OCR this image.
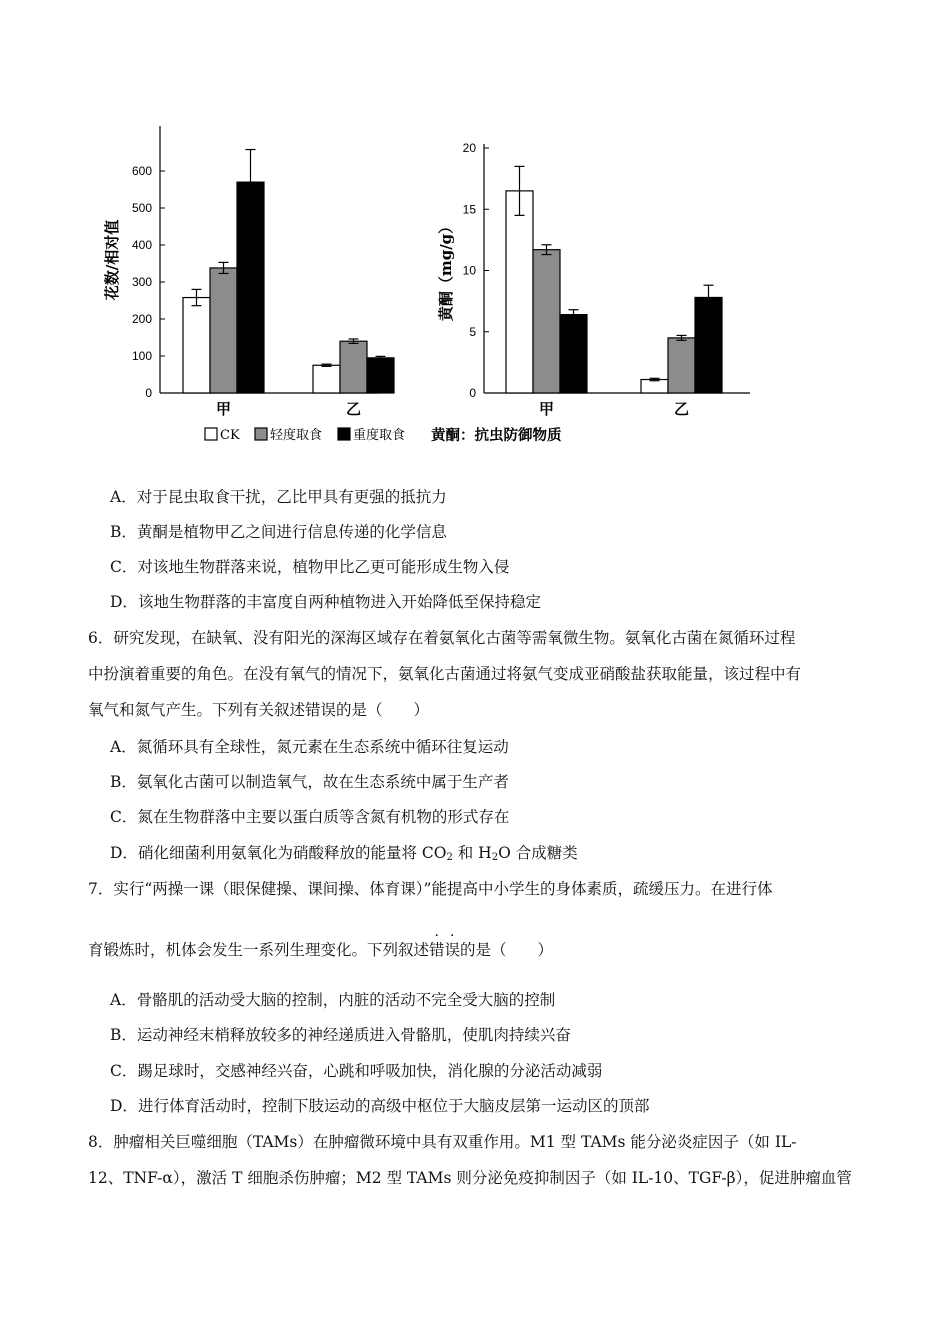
0
100
200
300
400
500
600
花数/相对值
甲	乙
0
5
10
15
20
黄酮（mg/g）
甲	乙
CK 轻度取食 重度取食 黄酮：抗虫防御物质
A．对于昆虫取食干扰，乙比甲具有更强的抵抗力
B．黄酮是植物甲乙之间进行信息传递的化学信息
C．对该地生物群落来说，植物甲比乙更可能形成生物入侵
D．该地生物群落的丰富度自两种植物进入开始降低至保持稳定
6．研究发现，在缺氧、没有阳光的深海区域存在着氨氧化古菌等需氧微生物。氨氧化古菌在氮循环过程
中扮演着重要的角色。在没有氧气的情况下，氨氧化古菌通过将氨气变成亚硝酸盐获取能量，该过程中有
氧气和氮气产生。下列有关叙述错误的是（　　）
A．氮循环具有全球性，氮元素在生态系统中循环往复运动
B．氨氧化古菌可以制造氧气，故在生态系统中属于生产者
C．氮在生物群落中主要以蛋白质等含氮有机物的形式存在
D．硝化细菌利用氨氧化为硝酸释放的能量将 $CO_2$ 和 $H_2O$ 合成糖类
7．实行“两操一课（眼保健操、课间操、体育课）”能提高中小学生的身体素质，疏缓压力。在进行体
育锻炼时，机体会发生一系列生理变化。下列叙述错误的是（　　）
A．骨骼肌的活动受大脑的控制，内脏的活动不完全受大脑的控制
B．运动神经末梢释放较多的神经递质进入骨骼肌，使肌肉持续兴奋
C．踢足球时，交感神经兴奋，心跳和呼吸加快，消化腺的分泌活动减弱
D．进行体育活动时，控制下肢运动的高级中枢位于大脑皮层第一运动区的顶部
8．肿瘤相关巨噬细胞（TAMs）在肿瘤微环境中具有双重作用。M1 型 TAMs 能分泌炎症因子（如 IL-
12、TNF-α），激活 T 细胞杀伤肿瘤；M2 型 TAMs 则分泌免疫抑制因子（如 IL-10、TGF-β），促进肿瘤血管
